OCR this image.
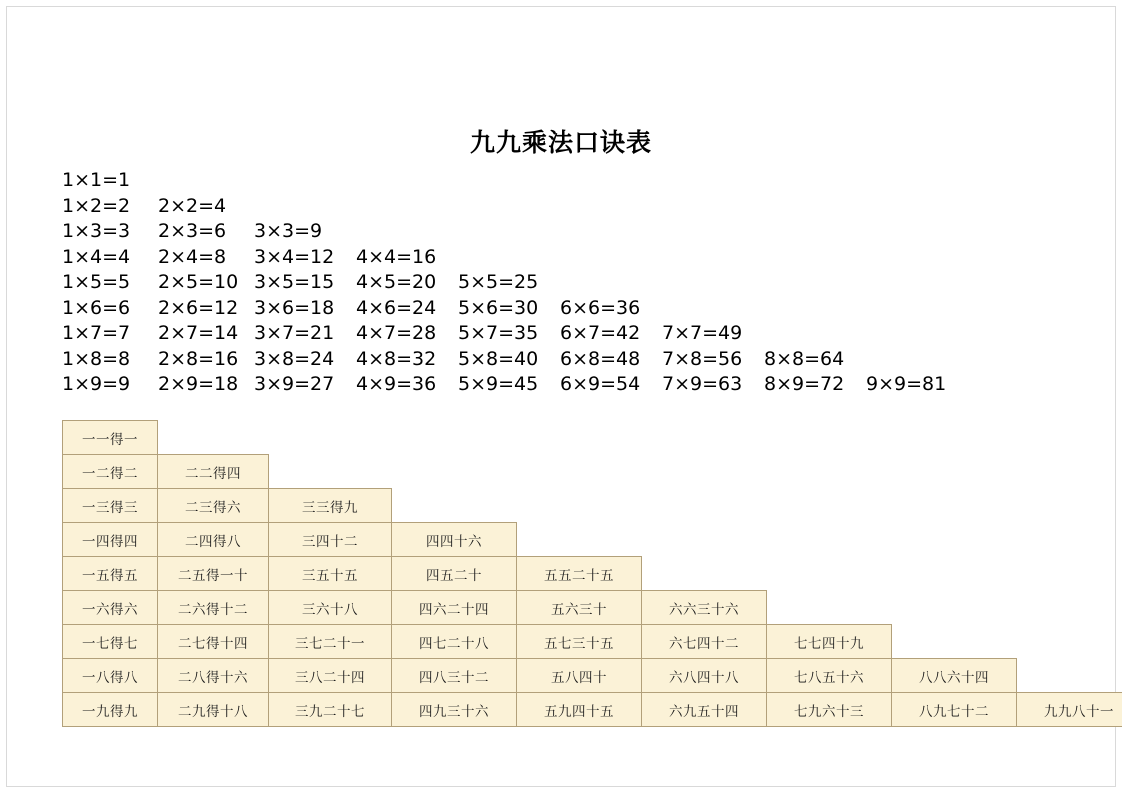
九九乘法口诀表
1×1=1
1×2=2 2×2=4
1×3=3 2×3=6 3×3=9
1×4=4 2×4=8 3×4=12 4×4=16
1×5=5 2×5=10 3×5=15 4×5=20 5×5=25
1×6=6 2×6=12 3×6=18 4×6=24 5×6=30 6×6=36
1×7=7 2×7=14 3×7=21 4×7=28 5×7=35 6×7=42 7×7=49
1×8=8 2×8=16 3×8=24 4×8=32 5×8=40 6×8=48 7×8=56 8×8=64
1×9=9 2×9=18 3×9=27 4×9=36 5×9=45 6×9=54 7×9=63 8×9=72 9×9=81
一一得一								
一二得二	二二得四							
一三得三	二三得六	三三得九						
一四得四	二四得八	三四十二	四四十六					
一五得五	二五得一十	三五十五	四五二十	五五二十五				
一六得六	二六得十二	三六十八	四六二十四	五六三十	六六三十六			
一七得七	二七得十四	三七二十一	四七二十八	五七三十五	六七四十二	七七四十九		
一八得八	二八得十六	三八二十四	四八三十二	五八四十	六八四十八	七八五十六	八八六十四	
一九得九	二九得十八	三九二十七	四九三十六	五九四十五	六九五十四	七九六十三	八九七十二	九九八十一
